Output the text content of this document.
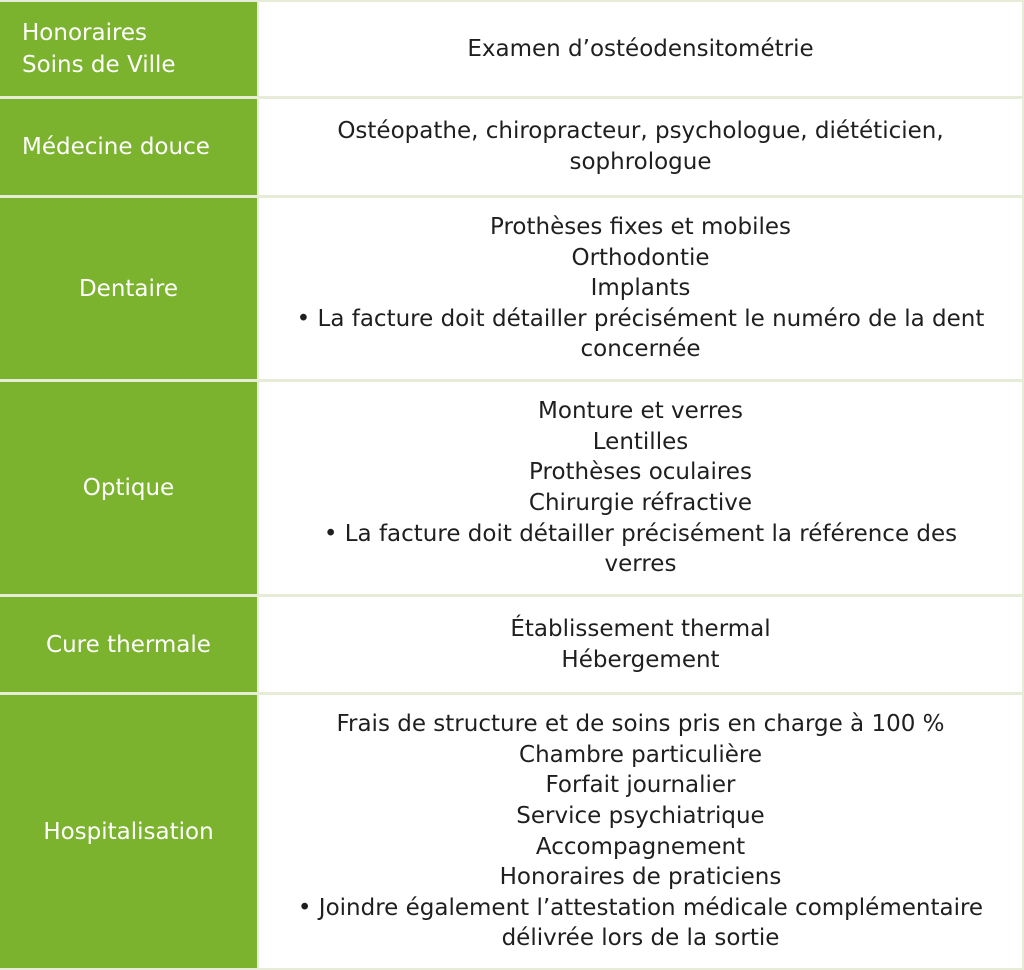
Honoraires
Soins de Ville
Examen d’ostéodensitométrie
Médecine douce
Ostéopathe, chiropracteur, psychologue, diététicien,
sophrologue
Dentaire
Prothèses fixes et mobiles
Orthodontie
Implants
• La facture doit détailler précisément le numéro de la dent
concernée
Optique
Monture et verres
Lentilles
Prothèses oculaires
Chirurgie réfractive
• La facture doit détailler précisément la référence des
verres
Cure thermale
Établissement thermal
Hébergement
Hospitalisation
Frais de structure et de soins pris en charge à 100 %
Chambre particulière
Forfait journalier
Service psychiatrique
Accompagnement
Honoraires de praticiens
• Joindre également l’attestation médicale complémentaire
délivrée lors de la sortie
